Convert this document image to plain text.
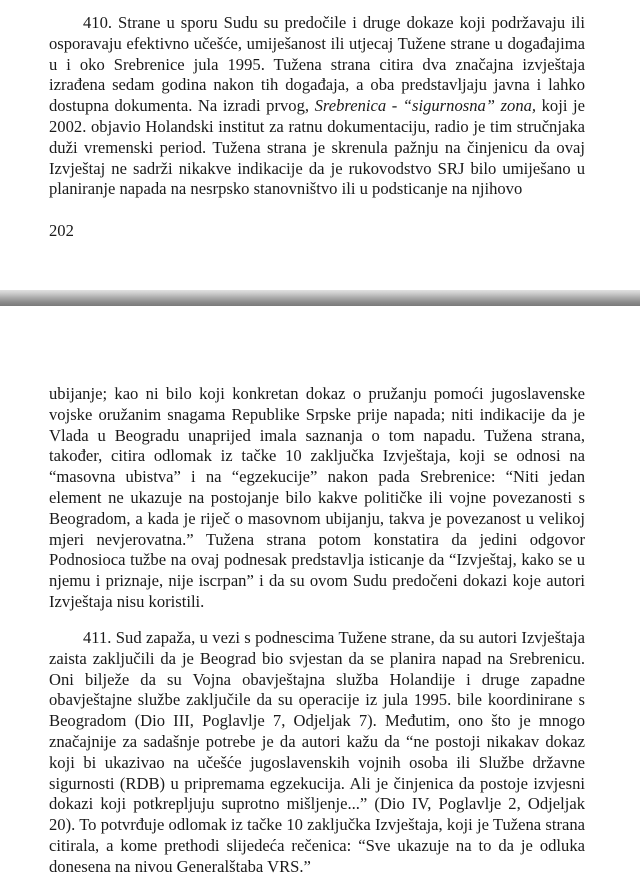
410. Strane u sporu Sudu su predočile i druge dokaze koji podržavaju ili osporavaju efektivno učešće, umiješanost ili utjecaj Tužene strane u događajima u i oko Srebrenice jula 1995. Tužena strana citira dva značajna izvještaja izrađena sedam godina nakon tih događaja, a oba predstavljaju javna i lahko dostupna dokumenta. Na izradi prvog, Srebrenica - “sigurnosna” zona, koji je 2002. objavio Holandski institut za ratnu dokumentaciju, radio je tim stručnjaka duži vremenski period. Tužena strana je skrenula pažnju na činjenicu da ovaj Izvještaj ne sadrži nikakve indikacije da je rukovodstvo SRJ bilo umiješano u planiranje napada na nesrpsko stanovništvo ili u podsticanje na njihovo

202

ubijanje; kao ni bilo koji konkretan dokaz o pružanju pomoći jugoslavenske vojske oružanim snagama Republike Srpske prije napada; niti indikacije da je Vlada u Beogradu unaprijed imala saznanja o tom napadu. Tužena strana, također, citira odlomak iz tačke 10 zaključka Izvještaja, koji se odnosi na “masovna ubistva” i na “egzekucije” nakon pada Srebrenice: “Niti jedan element ne ukazuje na postojanje bilo kakve političke ili vojne povezanosti s Beogradom, a kada je riječ o masovnom ubijanju, takva je povezanost u velikoj mjeri nevjerovatna.” Tužena strana potom konstatira da jedini odgovor Podnosioca tužbe na ovaj podnesak predstavlja isticanje da “Izvještaj, kako se u njemu i priznaje, nije iscrpan” i da su ovom Sudu predočeni dokazi koje autori Izvještaja nisu koristili.

411. Sud zapaža, u vezi s podnescima Tužene strane, da su autori Izvještaja zaista zaključili da je Beograd bio svjestan da se planira napad na Srebrenicu. Oni bilježe da su Vojna obavještajna služba Holandije i druge zapadne obavještajne službe zaključile da su operacije iz jula 1995. bile koordinirane s Beogradom (Dio III, Poglavlje 7, Odjeljak 7). Međutim, ono što je mnogo značajnije za sadašnje potrebe je da autori kažu da “ne postoji nikakav dokaz koji bi ukazivao na učešće jugoslavenskih vojnih osoba ili Službe državne sigurnosti (RDB) u pripremama egzekucija. Ali je činjenica da postoje izvjesni dokazi koji potkrepljuju suprotno mišljenje...” (Dio IV, Poglavlje 2, Odjeljak 20). To potvrđuje odlomak iz tačke 10 zaključka Izvještaja, koji je Tužena strana citirala, a kome prethodi slijedeća rečenica: “Sve ukazuje na to da je odluka donesena na nivou Generalštaba VRS.”
